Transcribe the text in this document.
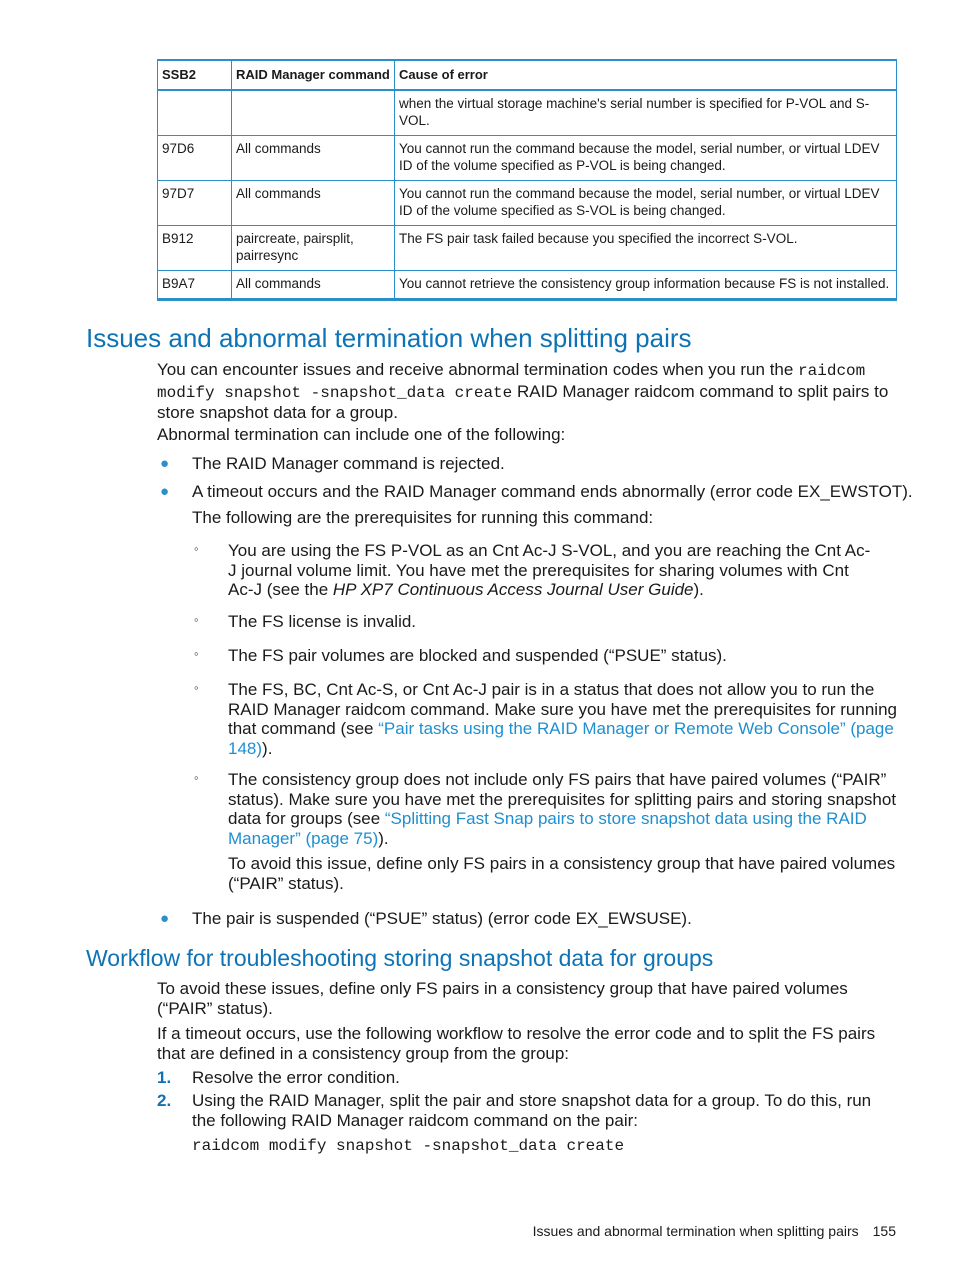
SSB2	RAID Manager command	Cause of error
		when the virtual storage machine's serial number is specified for P-VOL and S-VOL.
97D6	All commands	You cannot run the command because the model, serial number, or virtual LDEV ID of the volume specified as P-VOL is being changed.
97D7	All commands	You cannot run the command because the model, serial number, or virtual LDEV ID of the volume specified as S-VOL is being changed.
B912	paircreate, pairsplit, pairresync	The FS pair task failed because you specified the incorrect S-VOL.
B9A7	All commands	You cannot retrieve the consistency group information because FS is not installed.
Issues and abnormal termination when splitting pairs

You can encounter issues and receive abnormal termination codes when you run the raidcom modify snapshot -snapshot_data create RAID Manager raidcom command to split pairs to store snapshot data for a group.

Abnormal termination can include one of the following:

● The RAID Manager command is rejected.

● A timeout occurs and the RAID Manager command ends abnormally (error code EX_EWSTOT).

The following are the prerequisites for running this command:

◦ You are using the FS P-VOL as an Cnt Ac-J S-VOL, and you are reaching the Cnt Ac-J journal volume limit. You have met the prerequisites for sharing volumes with Cnt Ac-J (see the HP XP7 Continuous Access Journal User Guide).

◦ The FS license is invalid.

◦ The FS pair volumes are blocked and suspended (“PSUE” status).

◦ The FS, BC, Cnt Ac-S, or Cnt Ac-J pair is in a status that does not allow you to run the RAID Manager raidcom command. Make sure you have met the prerequisites for running that command (see “Pair tasks using the RAID Manager or Remote Web Console” (page 148)).

◦ The consistency group does not include only FS pairs that have paired volumes (“PAIR” status). Make sure you have met the prerequisites for splitting pairs and storing snapshot data for groups (see “Splitting Fast Snap pairs to store snapshot data using the RAID Manager” (page 75)).

To avoid this issue, define only FS pairs in a consistency group that have paired volumes (“PAIR” status).

● The pair is suspended (“PSUE” status) (error code EX_EWSUSE).

Workflow for troubleshooting storing snapshot data for groups

To avoid these issues, define only FS pairs in a consistency group that have paired volumes (“PAIR” status).

If a timeout occurs, use the following workflow to resolve the error code and to split the FS pairs that are defined in a consistency group from the group:

1. Resolve the error condition.

2. Using the RAID Manager, split the pair and store snapshot data for a group. To do this, run the following RAID Manager raidcom command on the pair:

raidcom modify snapshot -snapshot_data create

Issues and abnormal termination when splitting pairs 155
